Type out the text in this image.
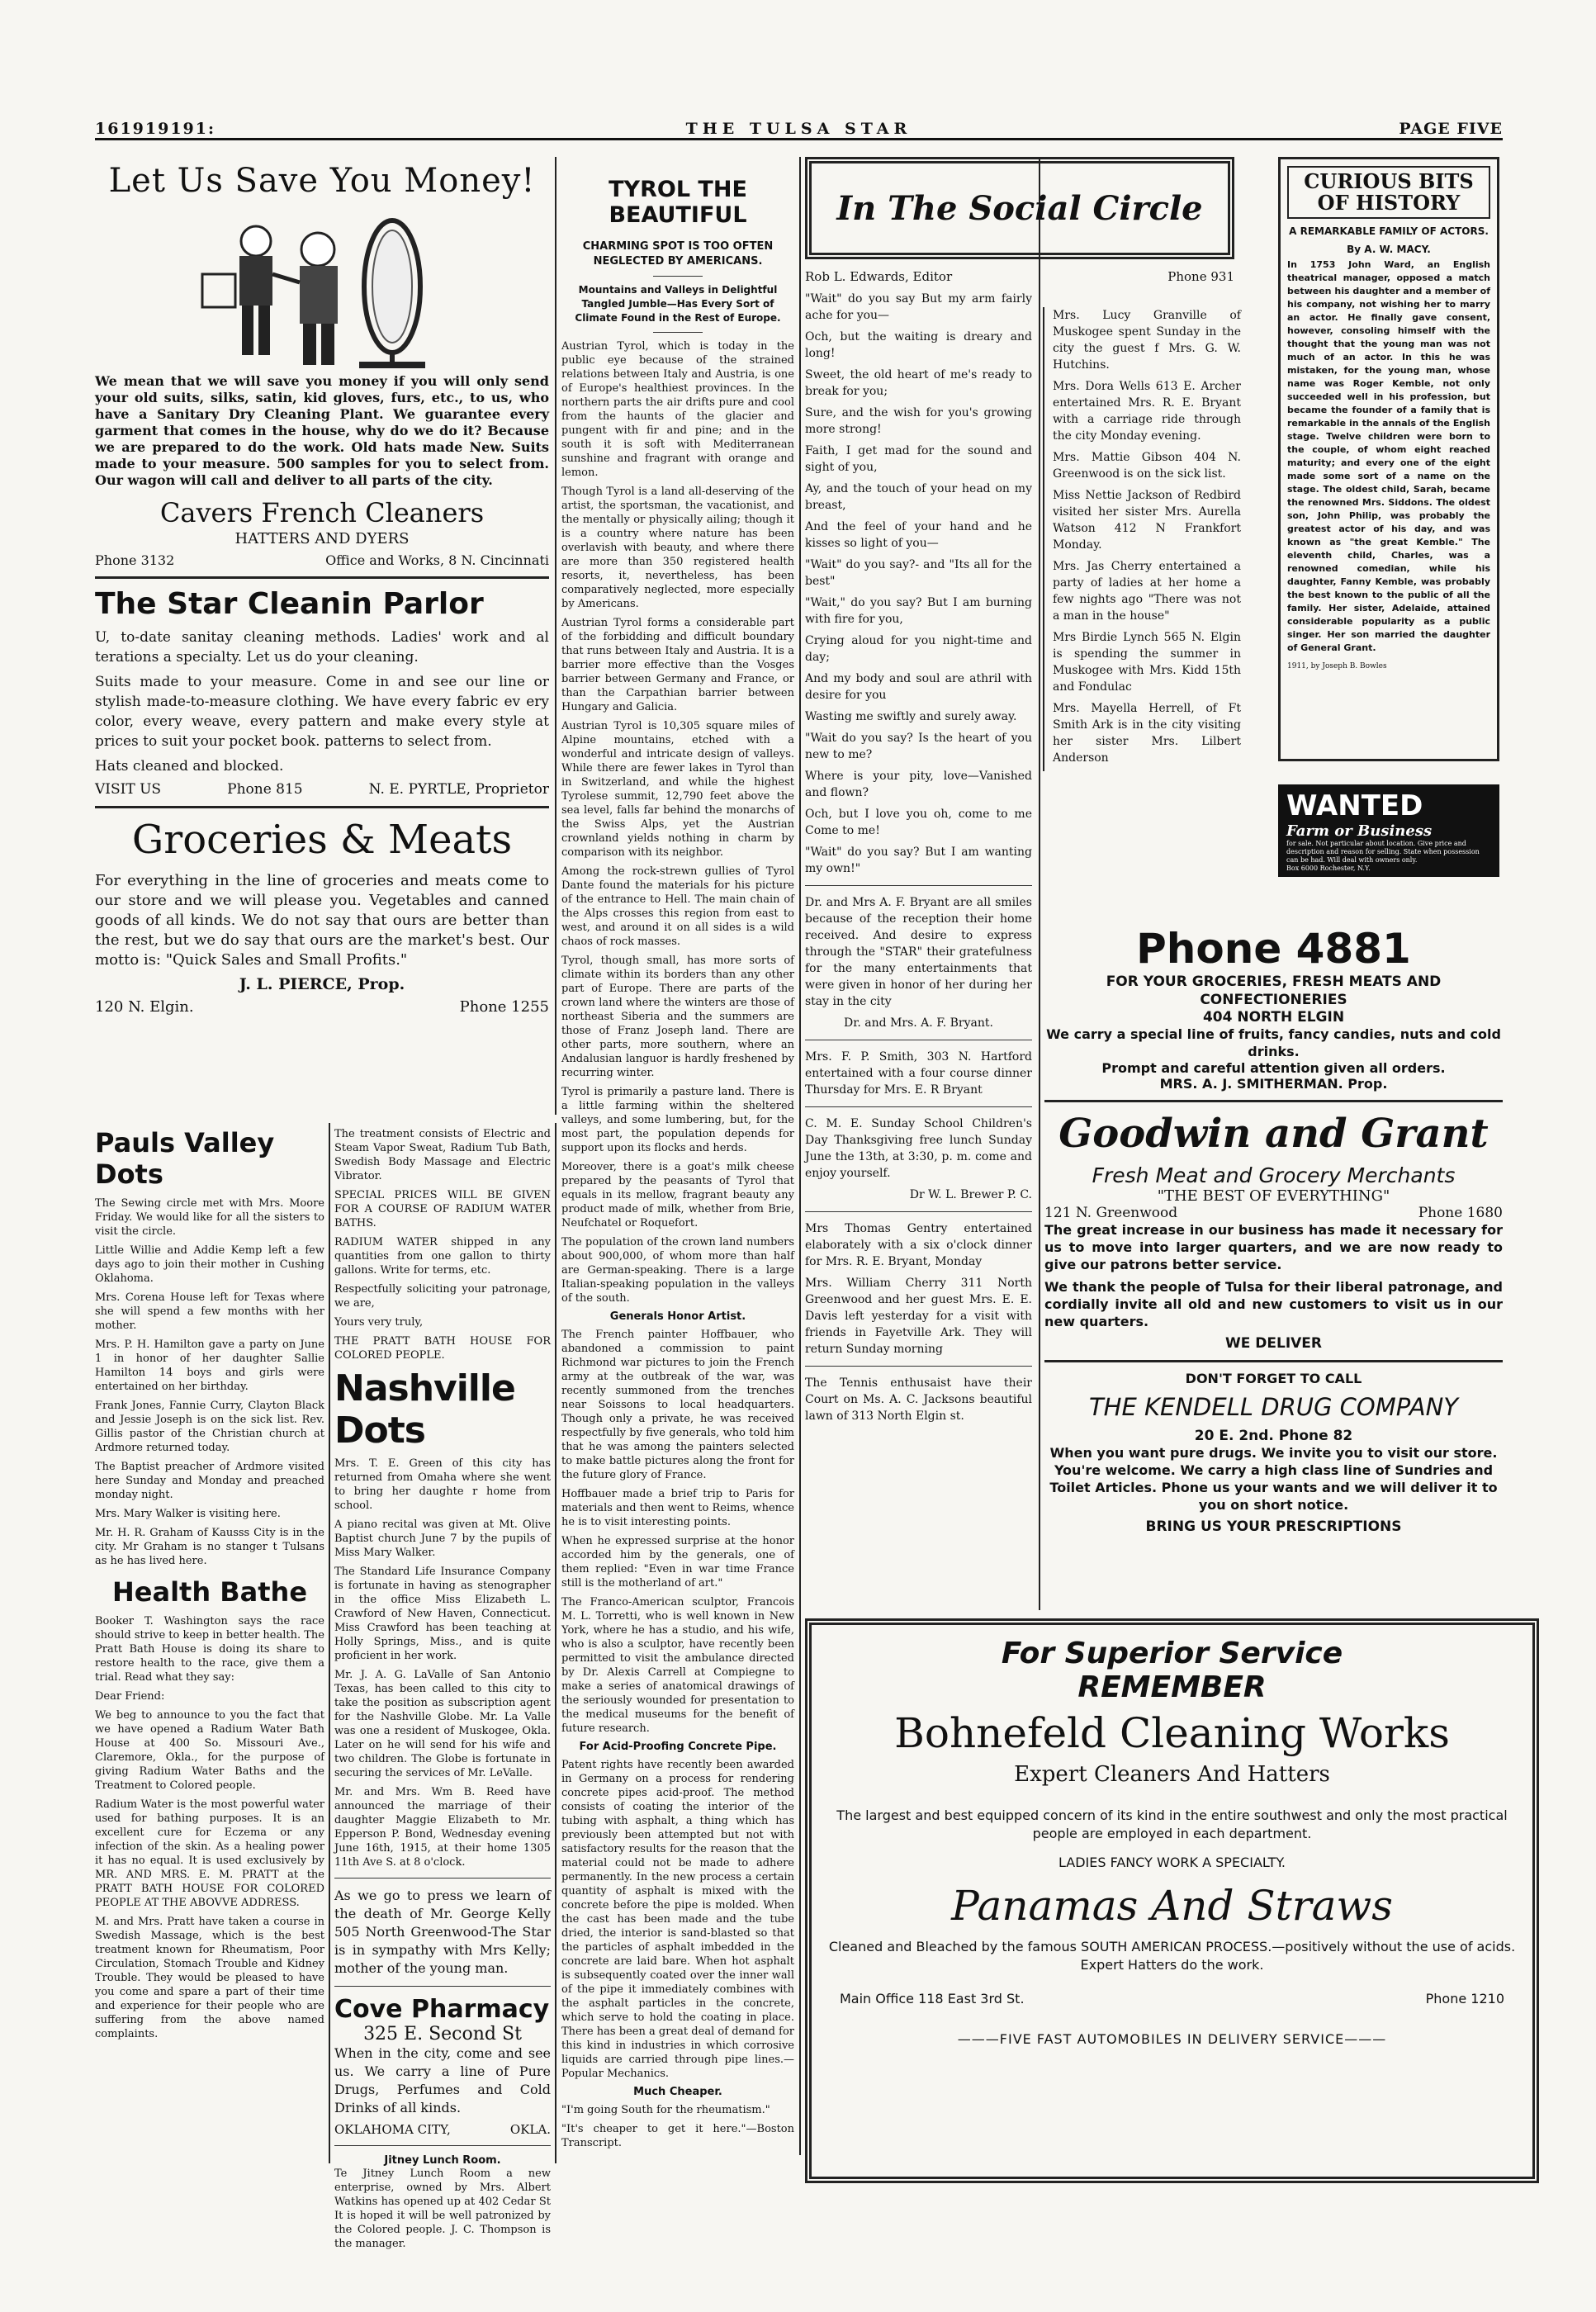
161919191:	THE TULSA STAR	PAGE FIVE
Let Us Save You Money!

We mean that we will save you money if you will only send your old suits, silks, satin, kid gloves, furs, etc., to us, who have a Sanitary Dry Cleaning Plant. We guarantee every garment that comes in the house, why do we do it? Because we are prepared to do the work. Old hats made New. Suits made to your measure. 500 samples for you to select from. Our wagon will call and deliver to all parts of the city.

Cavers French Cleaners
HATTERS AND DYERS
Phone 3132	Office and Works, 8 N. Cincinnati
The Star Cleanin Parlor

U, to-date sanitay cleaning methods. Ladies' work and al terations a specialty. Let us do your cleaning.

Suits made to your measure. Come in and see our line or stylish made-to-measure clothing. We have every fabric ev ery color, every weave, every pattern and make every style at prices to suit your pocket book. patterns to select from.

Hats cleaned and blocked.

VISIT US	Phone 815	N. E. PYRTLE, Proprietor
Groceries & Meats

For everything in the line of groceries and meats come to our store and we will please you. Vegetables and canned goods of all kinds. We do not say that ours are better than the rest, but we do say that ours are the market's best. Our motto is: "Quick Sales and Small Profits."

J. L. PIERCE, Prop.
120 N. Elgin.	Phone 1255
Pauls Valley Dots

The Sewing circle met with Mrs. Moore Friday. We would like for all the sisters to visit the circle.

Little Willie and Addie Kemp left a few days ago to join their mother in Cushing Oklahoma.

Mrs. Corena House left for Texas where she will spend a few months with her mother.

Mrs. P. H. Hamilton gave a party on June 1 in honor of her daughter Sallie Hamilton 14 boys and girls were entertained on her birthday.

Frank Jones, Fannie Curry, Clayton Black and Jessie Joseph is on the sick list. Rev. Gillis pastor of the Christian church at Ardmore returned today.

The Baptist preacher of Ardmore visited here Sunday and Monday and preached monday night.

Mrs. Mary Walker is visiting here.

Mr. H. R. Graham of Kausss City is in the city. Mr Graham is no stanger t Tulsans as he has lived here.

Health Bathe

Booker T. Washington says the race should strive to keep in better health. The Pratt Bath House is doing its share to restore health to the race, give them a trial. Read what they say:

Dear Friend:

We beg to announce to you the fact that we have opened a Radium Water Bath House at 400 So. Missouri Ave., Claremore, Okla., for the purpose of giving Radium Water Baths and the Treatment to Colored people.

Radium Water is the most powerful water used for bathing purposes. It is an excellent cure for Eczema or any infection of the skin. As a healing power it has no equal. It is used exclusively by MR. AND MRS. E. M. PRATT at the PRATT BATH HOUSE FOR COLORED PEOPLE AT THE ABOVVE ADDRESS.

M. and Mrs. Pratt have taken a course in Swedish Massage, which is the best treatment known for Rheumatism, Poor Circulation, Stomach Trouble and Kidney Trouble. They would be pleased to have you come and spare a part of their time and experience for their people who are suffering from the above named complaints.

The treatment consists of Electric and Steam Vapor Sweat, Radium Tub Bath, Swedish Body Massage and Electric Vibrator.

SPECIAL PRICES WILL BE GIVEN FOR A COURSE OF RADIUM WATER BATHS.

RADIUM WATER shipped in any quantities from one gallon to thirty gallons. Write for terms, etc.

Respectfully soliciting your patronage, we are,

Yours very truly,

THE PRATT BATH HOUSE FOR COLORED PEOPLE.

Nashville Dots

Mrs. T. E. Green of this city has returned from Omaha where she went to bring her daughte r home from school.

A piano recital was given at Mt. Olive Baptist church June 7 by the pupils of Miss Mary Walker.

The Standard Life Insurance Company is fortunate in having as stenographer in the office Miss Elizabeth L. Crawford of New Haven, Connecticut. Miss Crawford has been teaching at Holly Springs, Miss., and is quite proficient in her work.

Mr. J. A. G. LaValle of San Antonio Texas, has been called to this city to take the position as subscription agent for the Nashville Globe. Mr. La Valle was one a resident of Muskogee, Okla. Later on he will send for his wife and two children. The Globe is fortunate in securing the services of Mr. LeValle.

Mr. and Mrs. Wm B. Reed have announced the marriage of their daughter Maggie Elizabeth to Mr. Epperson P. Bond, Wednesday evening June 16th, 1915, at their home 1305 11th Ave S. at 8 o'clock.

As we go to press we learn of the death of Mr. George Kelly 505 North Greenwood-The Star is in sympathy with Mrs Kelly; mother of the young man.

Cove Pharmacy
325 E. Second St

When in the city, come and see us. We carry a line of Pure Drugs, Perfumes and Cold Drinks of all kinds.

OKLAHOMA CITY,	OKLA.
Jitney Lunch Room.

Te Jitney Lunch Room a new enterprise, owned by Mrs. Albert Watkins has opened up at 402 Cedar St It is hoped it will be well patronized by the Colored people. J. C. Thompson is the manager.

TYROL THE BEAUTIFUL
CHARMING SPOT IS TOO OFTEN NEGLECTED BY AMERICANS.
Mountains and Valleys in Delightful Tangled Jumble—Has Every Sort of Climate Found in the Rest of Europe.

Austrian Tyrol, which is today in the public eye because of the strained relations between Italy and Austria, is one of Europe's healthiest provinces. In the northern parts the air drifts pure and cool from the haunts of the glacier and pungent with fir and pine; and in the south it is soft with Mediterranean sunshine and fragrant with orange and lemon.

Though Tyrol is a land all-deserving of the artist, the sportsman, the vacationist, and the mentally or physically ailing; though it is a country where nature has been overlavish with beauty, and where there are more than 350 registered health resorts, it, nevertheless, has been comparatively neglected, more especially by Americans.

Austrian Tyrol forms a considerable part of the forbidding and difficult boundary that runs between Italy and Austria. It is a barrier more effective than the Vosges barrier between Germany and France, or than the Carpathian barrier between Hungary and Galicia.

Austrian Tyrol is 10,305 square miles of Alpine mountains, etched with a wonderful and intricate design of valleys. While there are fewer lakes in Tyrol than in Switzerland, and while the highest Tyrolese summit, 12,790 feet above the sea level, falls far behind the monarchs of the Swiss Alps, yet the Austrian crownland yields nothing in charm by comparison with its neighbor.

Among the rock-strewn gullies of Tyrol Dante found the materials for his picture of the entrance to Hell. The main chain of the Alps crosses this region from east to west, and around it on all sides is a wild chaos of rock masses.

Tyrol, though small, has more sorts of climate within its borders than any other part of Europe. There are parts of the crown land where the winters are those of northeast Siberia and the summers are those of Franz Joseph land. There are other parts, more southern, where an Andalusian languor is hardly freshened by recurring winter.

Tyrol is primarily a pasture land. There is a little farming within the sheltered valleys, and some lumbering, but, for the most part, the population depends for support upon its flocks and herds.

Moreover, there is a goat's milk cheese prepared by the peasants of Tyrol that equals in its mellow, fragrant beauty any product made of milk, whether from Brie, Neufchatel or Roquefort.

The population of the crown land numbers about 900,000, of whom more than half are German-speaking. There is a large Italian-speaking population in the valleys of the south.

Generals Honor Artist.

The French painter Hoffbauer, who abandoned a commission to paint Richmond war pictures to join the French army at the outbreak of the war, was recently summoned from the trenches near Soissons to local headquarters. Though only a private, he was received respectfully by five generals, who told him that he was among the painters selected to make battle pictures along the front for the future glory of France.

Hoffbauer made a brief trip to Paris for materials and then went to Reims, whence he is to visit interesting points.

When he expressed surprise at the honor accorded him by the generals, one of them replied: "Even in war time France still is the motherland of art."

The Franco-American sculptor, Francois M. L. Torretti, who is well known in New York, where he has a studio, and his wife, who is also a sculptor, have recently been permitted to visit the ambulance directed by Dr. Alexis Carrell at Compiegne to make a series of anatomical drawings of the seriously wounded for presentation to the medical museums for the benefit of future research.

For Acid-Proofing Concrete Pipe.

Patent rights have recently been awarded in Germany on a process for rendering concrete pipes acid-proof. The method consists of coating the interior of the tubing with asphalt, a thing which has previously been attempted but not with satisfactory results for the reason that the material could not be made to adhere permanently. In the new process a certain quantity of asphalt is mixed with the concrete before the pipe is molded. When the cast has been made and the tube dried, the interior is sand-blasted so that the particles of asphalt imbedded in the concrete are laid bare. When hot asphalt is subsequently coated over the inner wall of the pipe it immediately combines with the asphalt particles in the concrete, which serve to hold the coating in place. There has been a great deal of demand for this kind in industries in which corrosive liquids are carried through pipe lines.—Popular Mechanics.

Much Cheaper.

"I'm going South for the rheumatism."

"It's cheaper to get it here."—Boston Transcript.

In The Social Circle
Rob L. Edwards, Editor	Phone 931

"Wait" do you say But my arm fairly ache for you—

Och, but the waiting is dreary and long!

Sweet, the old heart of me's ready to break for you;

Sure, and the wish for you's growing more strong!

Faith, I get mad for the sound and sight of you,

Ay, and the touch of your head on my breast,

And the feel of your hand and he kisses so light of you—

"Wait" do you say?- and "Its all for the best"

"Wait," do you say? But I am burning with fire for you,

Crying aloud for you night-time and day;

And my body and soul are athril with desire for you

Wasting me swiftly and surely away.

"Wait do you say? Is the heart of you new to me?

Where is your pity, love—Vanished and flown?

Och, but I love you oh, come to me Come to me!

"Wait" do you say? But I am wanting my own!"

Dr. and Mrs A. F. Bryant are all smiles because of the reception their home received. And desire to express through the "STAR" their gratefulness for the many entertainments that were given in honor of her during her stay in the city

Dr. and Mrs. A. F. Bryant.

Mrs. F. P. Smith, 303 N. Hartford entertained with a four course dinner Thursday for Mrs. E. R Bryant

C. M. E. Sunday School Children's Day Thanksgiving free lunch Sunday June the 13th, at 3:30, p. m. come and enjoy yourself.

Dr W. L. Brewer P. C.

Mrs Thomas Gentry entertained elaborately with a six o'clock dinner for Mrs. R. E. Bryant, Monday

Mrs. William Cherry 311 North Greenwood and her guest Mrs. E. E. Davis left yesterday for a visit with friends in Fayetville Ark. They will return Sunday morning

The Tennis enthusaist have their Court on Ms. A. C. Jacksons beautiful lawn of 313 North Elgin st.

Mrs. Lucy Granville of Muskogee spent Sunday in the city the guest f Mrs. G. W. Hutchins.

Mrs. Dora Wells 613 E. Archer entertained Mrs. R. E. Bryant with a carriage ride through the city Monday evening.

Mrs. Mattie Gibson 404 N. Greenwood is on the sick list.

Miss Nettie Jackson of Redbird visited her sister Mrs. Aurella Watson 412 N Frankfort Monday.

Mrs. Jas Cherry entertained a party of ladies at her home a few nights ago "There was not a man in the house"

Mrs Birdie Lynch 565 N. Elgin is spending the summer in Muskogee with Mrs. Kidd 15th and Fondulac

Mrs. Mayella Herrell, of Ft Smith Ark is in the city visiting her sister Mrs. Lilbert Anderson

CURIOUS BITS OF HISTORY
A REMARKABLE FAMILY OF ACTORS.
By A. W. MACY.

In 1753 John Ward, an English theatrical manager, opposed a match between his daughter and a member of his company, not wishing her to marry an actor. He finally gave consent, however, consoling himself with the thought that the young man was not much of an actor. In this he was mistaken, for the young man, whose name was Roger Kemble, not only succeeded well in his profession, but became the founder of a family that is remarkable in the annals of the English stage. Twelve children were born to the couple, of whom eight reached maturity; and every one of the eight made some sort of a name on the stage. The oldest child, Sarah, became the renowned Mrs. Siddons. The oldest son, John Philip, was probably the greatest actor of his day, and was known as "the great Kemble." The eleventh child, Charles, was a renowned comedian, while his daughter, Fanny Kemble, was probably the best known to the public of all the family. Her sister, Adelaide, attained considerable popularity as a public singer. Her son married the daughter of General Grant.

1911, by Joseph B. Bowles
WANTED
Farm or Business
for sale. Not particular about location. Give price and description and reason for selling. State when possession can be had. Will deal with owners only.
Box 6000 Rochester, N.Y.
Phone 4881
FOR YOUR GROCERIES, FRESH MEATS AND CONFECTIONERIES
404 NORTH ELGIN
We carry a special line of fruits, fancy candies, nuts and cold drinks.
Prompt and careful attention given all orders.
MRS. A. J. SMITHERMAN. Prop.
Goodwin and Grant
Fresh Meat and Grocery Merchants
"THE BEST OF EVERYTHING"
121 N. Greenwood	Phone 1680

The great increase in our business has made it necessary for us to move into larger quarters, and we are now ready to give our patrons better service.

We thank the people of Tulsa for their liberal patronage, and cordially invite all old and new customers to visit us in our new quarters.

WE DELIVER
DON'T FORGET TO CALL
THE KENDELL DRUG COMPANY
20 E. 2nd. Phone 82

When you want pure drugs. We invite you to visit our store. You're welcome. We carry a high class line of Sundries and Toilet Articles. Phone us your wants and we will deliver it to you on short notice.

BRING US YOUR PRESCRIPTIONS
For Superior Service
REMEMBER
Bohnefeld Cleaning Works
Expert Cleaners And Hatters

The largest and best equipped concern of its kind in the entire southwest and only the most practical people are employed in each department.

LADIES FANCY WORK A SPECIALTY.
Panamas And Straws

Cleaned and Bleached by the famous SOUTH AMERICAN PROCESS.—positively without the use of acids. Expert Hatters do the work.

Main Office 118 East 3rd St.	Phone 1210
———FIVE FAST AUTOMOBILES IN DELIVERY SERVICE———
